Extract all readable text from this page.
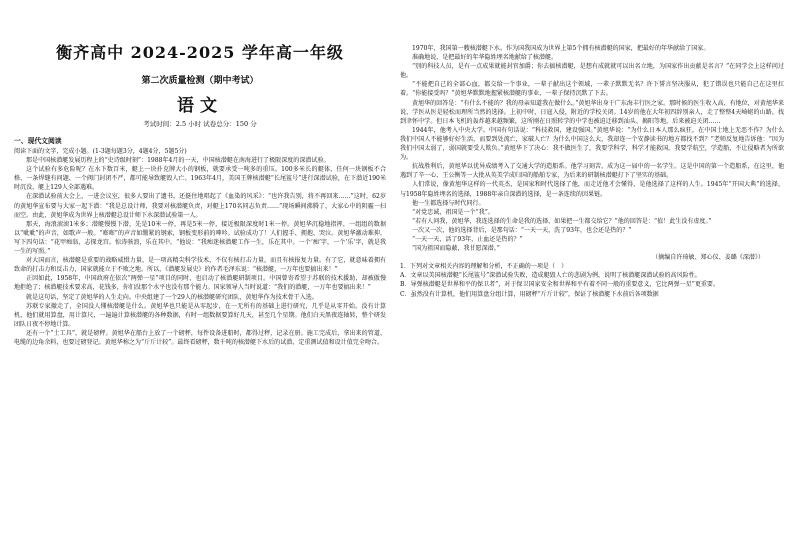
衡齐高中 2024-2025 学年高一年级
第二次质量检测（期中考试）
语文
考试时间：2.5 小时 试卷总分：150 分
一、现代文阅读

阅读下面的文字，完成小题。(1-3题每题3分，4题4分，5题5分)

那是中国核潜艇发展历程上的“史诗级时刻”：1988年4月的一天，中国核潜艇在南海进行了极限深度的深潜试验。

这个试验有多危险呢？在水下数百米，艇上一块扑克牌大小的钢板，就要承受一吨多的重压。100多米长的艇体，任何一块钢板不合格、一条焊缝有问题、一个阀门封闭不严，都可能导致艇毁人亡。1963年4月，美国王牌核潜艇“长尾鲨号”进行深潜试验，在下潜近190米时沉没，艇上129人全部遇难。

在深潜试验前大会上，一进会议室，很多人要出了遗书，还挺住地唱起了《血染的风采》：“也许我告别，将不再回来……”这时，62岁的黄旭华宣布要与大家一起下潜：“我是总设计师，我要对核潜艇负责，对艇上170名同志负责……”现场瞬间沸腾了，大家心中的阴霾一扫而空。由此，黄旭华成为世界上核潜艇总设计师下水深潜试验第一人。

那天，海浪滚滚1米多；潜艇慢慢下潜，先是10米一停，再是5米一停，接近极限深度时1米一停。黄旭华沉稳地指挥，一组组的数据以“呲呲”的声音，如歌声一般。“嘭嘭”的声音如绷紧的钢索，钢板变形前的呻吟。试验成功了！人们握手、拥抱、哭泣。黄旭华激动难抑，写下四句话：“花甲痴翁，志探龙宫。惊涛骇浪，乐在其中。“他说：“我痴迷核潜艇工作一生，乐在其中。一个‘痴’字，一个‘乐’字，就是我一生的写照。”

对大国而言，核潜艇是重要的战略威慑力量，是一项高精尖科学技术，不仅有核打击力量，而且有核报复力量。有了它，就意味着拥有致命的打击力和反击力，国家就能立于不败之地。所以，《潜艇发展史》的作者毛泽东说：“核潜艇，一万年也要搞出来！”

正因如此，1958年，中国政府在依次“两弹一星”项目的同时，也启动了核潜艇研制项目。中国曾寄希望于苏联的技术援助，却被傲慢地拒绝了；核潜艇技术要求高，花钱多，你们没那个水平也没有那个能力。国家领导人当时说道：“我们的潜艇，一万年也要搞出来！”

就是这句话，坚定了黄旭华的人生走向。中央组建了一个29人的核潜艇研究团队，黄旭华作为技术骨干入选。

苏联专家撤走了，全国没人懂核潜艇是什么。黄旭华也只能是从零起步，在一无所有的基础上进行研究，几乎是从零开始。没有计算机，他们就用算盘，用计算尺，一遍遍计算核潜艇的各种数据，有时一组数据要算好几天，甚至几个星期。他们白天黑夜连轴转，整个研发团队日夜不停地计算。

还有一个“土工具”，就是磅秤。黄旭华在船台上放了一个磅秤，每件设备进船时，都得过秤，记录在册。施工完成后，拿出来的管道、电缆的边角余料，也要过磅登记。黄旭华称之为“斤斤计较”。最终看磅秤，数千吨的核潜艇下水后的试潜、定重测试值和设计值完全吻合。

1970年，我国第一艘核潜艇下水。作为国我国成为世界上第5个拥有核潜艇的国家，把最好的年华献给了国家。

准确地说，是把最好的年华隐姓埋名地献给了核潜艇。

“别的科技人员，是有一点成果就能封官加爵；你去搞核潜艇，是想有成就就可以出名立地，为国家作出贡献是名言？”在同学会上这样问过他。

“不能把自己的全部心血，都交给一个事业，一辈子献出这个领域，一辈子默默无名？许下誓言坚决服从，犯了错误也只能自己在这里扛着。“你能接受吗？”黄旭华默默地握紧核潜艇的事业，一辈子保持沉默了下去。

黄旭华的回答是：“有什么不能的？我的母亲知道我在做什么。”黄旭华出身于广东海丰行医之家。那时候的医生收入高、有地位，对黄旭华来说，学医从医是轻松而理所当然的选择。上初中时，日寇入侵，附近的学校关闭。14岁的他在大年初四辞别亲人，走了整整4天崎岖的山路，找到聿怀中学。但日本飞机的轰炸越来越频繁，这所刚在日照转学的中学也被迫迁移到汕头、揭阳等地，后来被迫关闭……

1944年，他考入中央大学。中国有句话说：“科技救国，建设强国。”黄旭华说：“为什么日本人那么疯狂，在中国土地上无恶不作？为什么我们中国人不能够好好生活，而要到处流亡，家破人亡？为什么中国这么大，我却连一个安静读书的地方都找不到？”老师反复地告诉他：“因为我们中国太弱了，弱国就要受人欺负。”黄旭华下了决心：我不做医生了，我要学科学，科学才能救国。我要学航空，学造船，不让侵略者为所欲为。

抗战胜利后，黄旭华以优异成绩考入了交通大学的造船系。他学习刻苦，成为这一届中的一名学生。这是中国的第一个造船系，在这里，他遇到了辛一心、王公衡等一大批从英美学成归国的船舶专家，为后来的研制核潜艇打下了坚实的基础。

人们常说，像黄旭华这样的一代英杰，是国家和时代选择了他，而走近他才会懂得，是他选择了这样的人生。1945年“开国大典”的选择，与1958年隐姓埋名的选择，1988年亲自深潜的选择，是一条连续的因果链。

他一生都选择与时代同行。

“对党忠诚，祖国是一个“我”。

“若有人问我，黄旭华，我连选择的生命是我的选择，如果把一生都交给它？”他的回答是：“值！此生没有虚度。”

一次又一次，他的选择背后，是那句话：“一天一天，洗了93年，也会还是热的？”

“一天一天，活了93年，止血还是热的？”

“国为祖国而隐蔽，我甘愿深潜。”

（摘编自许琦敏、郑心仪、姜璐《深潜》）

1．下列对文章相关内容的理解和分析，不正确的一项是（　）

A．文章以美国核潜艇“长尾鲨号”深潜试验失败，造成艇毁人亡的悲剧为例，说明了核潜艇深潜试验的高风险性。

B．导弹核潜艇是世界和平的保卫者”，对于保卫国家安全和世界和平有着不同一般的重要意义，它比两弹一星”更重要。

C．虽然没有计算机，他们用算盘分组计算，用磅秤“斤斤计较”，保证了核潜艇下水前后各项数据
